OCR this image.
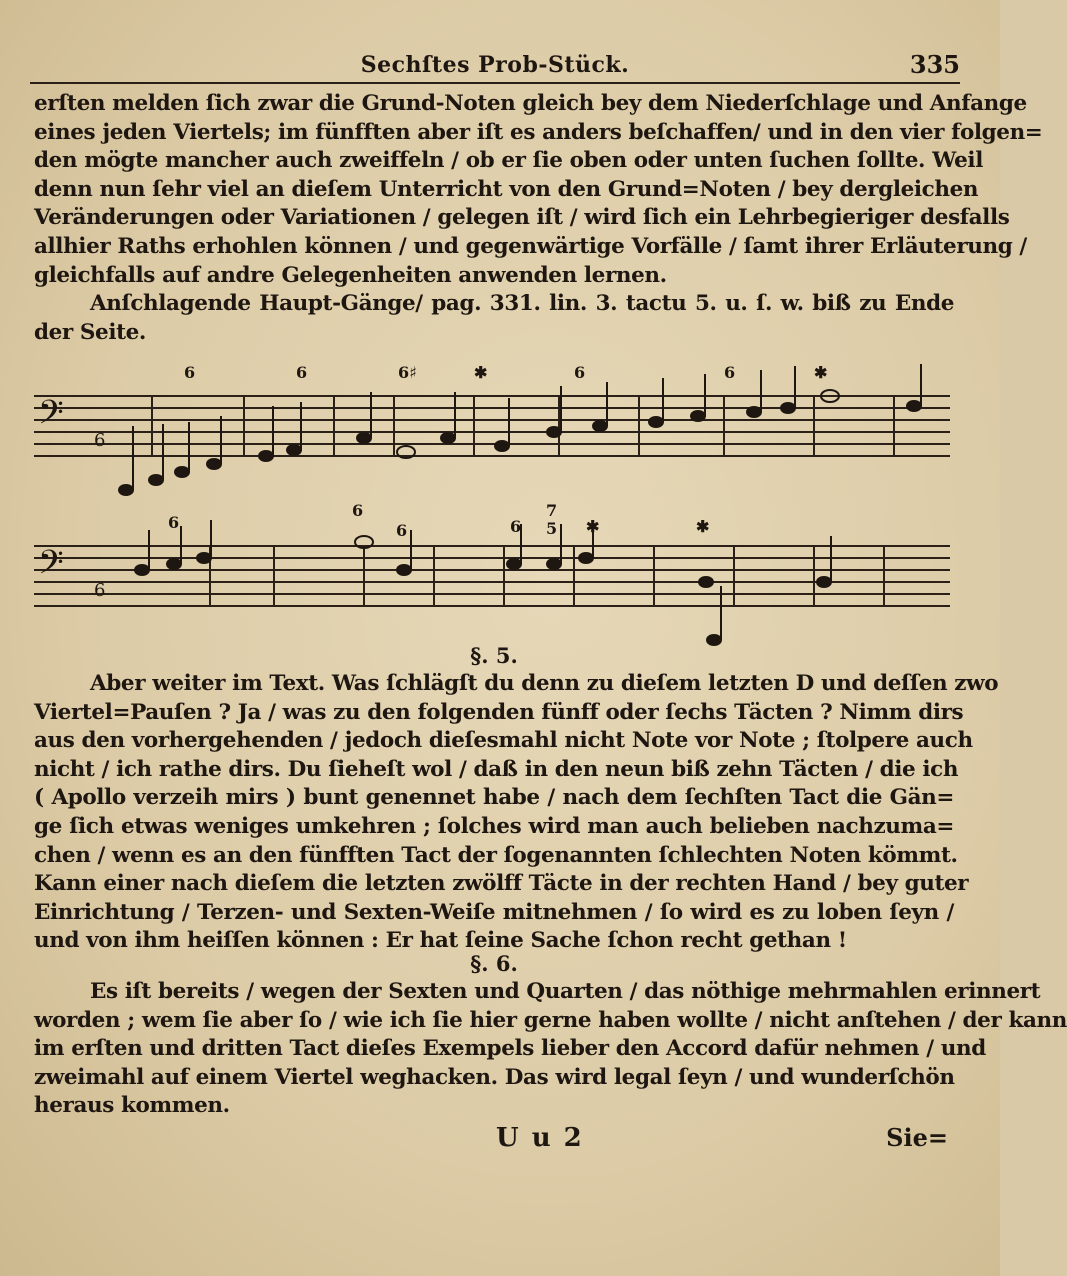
Sechſtes Prob-Stück.	335
erſten melden ſich zwar die Grund-Noten gleich bey dem Niederſchlage und Anfange
eines jeden Viertels; im fünfften aber iſt es anders beſchaffen/ und in den vier folgen=
den mögte mancher auch zweiffeln / ob er ſie oben oder unten ſuchen ſollte. Weil
denn nun ſehr viel an dieſem Unterricht von den Grund=Noten / bey dergleichen
Veränderungen oder Variationen / gelegen iſt / wird ſich ein Lehrbegieriger desfalls
allhier Raths erhohlen können / und gegenwärtige Vorfälle / ſamt ihrer Erläuterung /
gleichfalls auf andre Gelegenheiten anwenden lernen.
Anſchlagende Haupt-Gänge/ pag. 331. lin. 3. tactu 5. u. ſ. w. biß zu Ende
der Seite.
𝄢
6
6	6	6♯	✱	6	6	✱
𝄢
6
6
6
6	6
7
5 ✱	✱
§. 5.
Aber weiter im Text. Was ſchlägſt du denn zu dieſem letzten D und deſſen zwo
Viertel=Pauſen ? Ja / was zu den folgenden fünff oder ſechs Täcten ? Nimm dirs
aus den vorhergehenden / jedoch dieſesmahl nicht Note vor Note ; ſtolpere auch
nicht / ich rathe dirs. Du ſieheſt wol / daß in den neun biß zehn Täcten / die ich
( Apollo verzeih mirs ) bunt genennet habe / nach dem ſechſten Tact die Gän=
ge ſich etwas weniges umkehren ; ſolches wird man auch belieben nachzuma=
chen / wenn es an den fünfften Tact der ſogenannten ſchlechten Noten kömmt.
Kann einer nach dieſem die letzten zwölff Täcte in der rechten Hand / bey guter
Einrichtung / Terzen- und Sexten-Weiſe mitnehmen / ſo wird es zu loben ſeyn /
und von ihm heiſſen können : Er hat ſeine Sache ſchon recht gethan !
§. 6.
Es iſt bereits / wegen der Sexten und Quarten / das nöthige mehrmahlen erinnert
worden ; wem ſie aber ſo / wie ich ſie hier gerne haben wollte / nicht anſtehen / der kann
im erſten und dritten Tact dieſes Exempels lieber den Accord dafür nehmen / und
zweimahl auf einem Viertel weghacken. Das wird legal ſeyn / und wunderſchön
heraus kommen.
U u 2	Sie=
